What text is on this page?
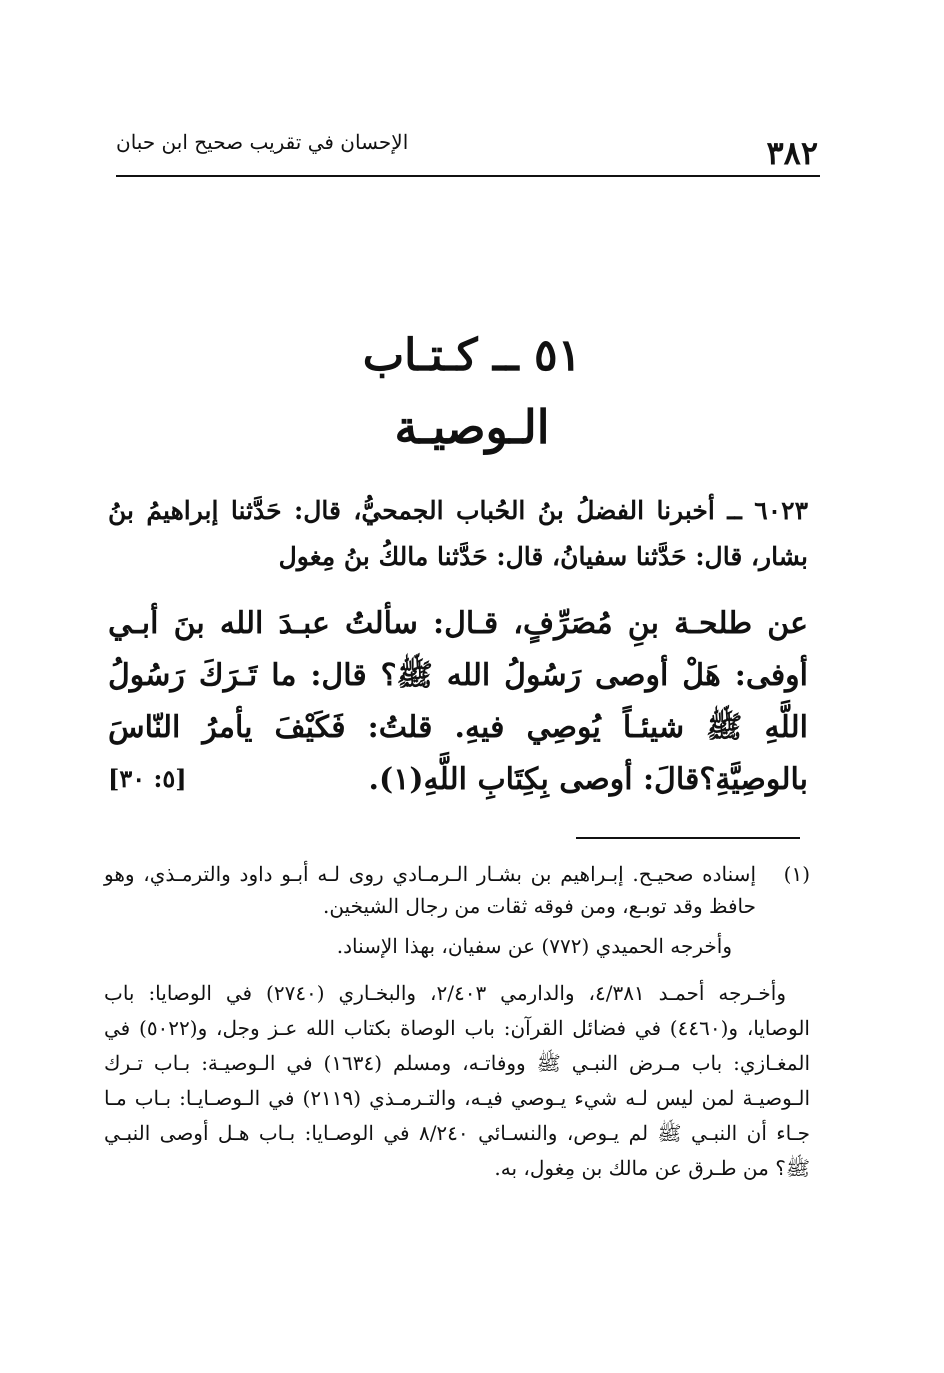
٣٨٢
الإحسان في تقريب صحيح ابن حبان
٥١ ــ كـتـاب
الـوصيـة
٦٠٢٣ ــ أخبرنا الفضلُ بنُ الحُباب الجمحيُّ، قال: حَدَّثنا إبراهيمُ بنُ بشار، قال: حَدَّثنا سفيانُ، قال: حَدَّثنا مالكُ بنُ مِغول
عن طلحـة بنِ مُصَرِّفٍ، قـال: سألتُ عبـدَ الله بنَ أبـي أوفى: هَلْ أوصى رَسُولُ الله ﷺ؟ قال: ما تَـرَكَ رَسُولُ اللَّهِ ﷺ شيئـاً يُوصِي فيهِ. قلتُ: فَكَيْفَ يأمرُ النّاسَ بالوصِيَّةِ؟قالَ: أوصى بِكِتَابِ اللَّهِ(١).
[٥: ٣٠]
(١)

إسناده صحيـح. إبـراهيم بن بشـار الـرمـادي روى لـه أبـو داود والترمـذي، وهو حافظ وقد توبـع، ومن فوقه ثقات من رجال الشيخين.

وأخرجه الحميدي (٧٧٢) عن سفيان، بهذا الإسناد.

وأخـرجه أحمـد ٤/٣٨١، والدارمي ٢/٤٠٣، والبخـاري (٢٧٤٠) في الوصايا: باب الوصايا، و(٤٤٦٠) في فضائل القرآن: باب الوصاة بكتاب الله عـز وجل، و(٥٠٢٢) في المغـازي: باب مـرض النبـي ﷺ ووفاتـه، ومسلم (١٦٣٤) في الـوصيـة: بـاب تـرك الـوصيـة لمن ليس لـه شيء يـوصي فيـه، والتـرمـذي (٢١١٩) في الـوصـايـا: بـاب مـا جـاء أن النبـي ﷺ لم يـوص، والنسـائي ٨/٢٤٠ في الوصـايا: بـاب هـل أوصى النبـي ﷺ؟ من طـرق عن مالك بن مِغول، به.
